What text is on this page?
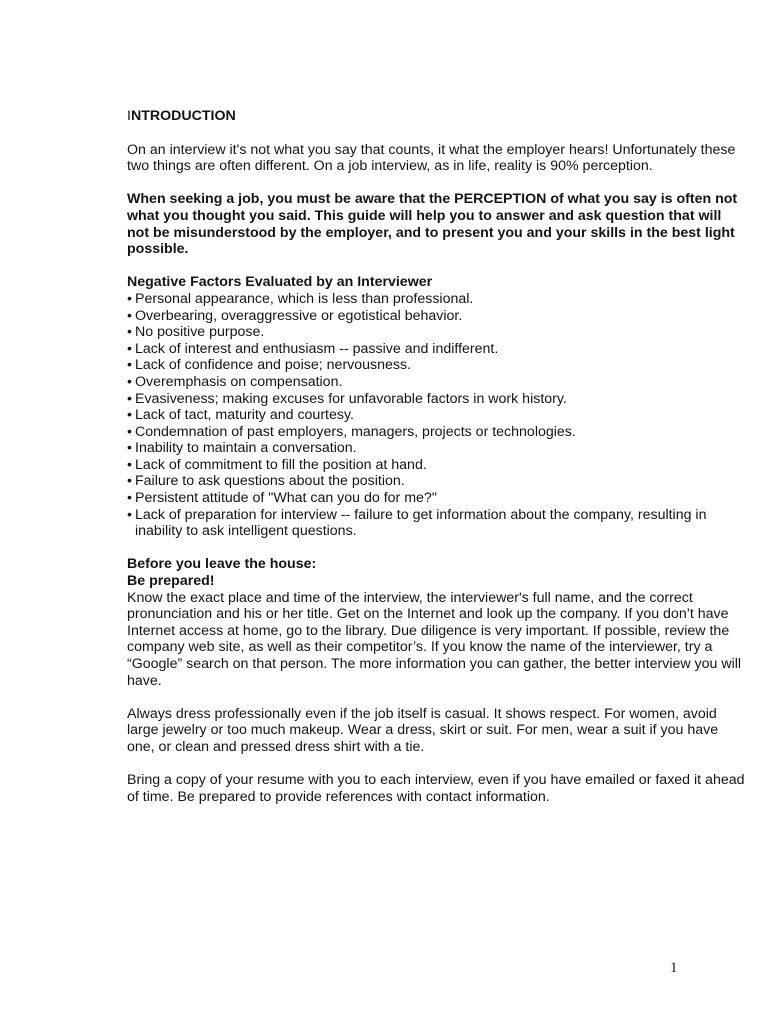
INTRODUCTION

On an interview it's not what you say that counts, it what the employer hears! Unfortunately these two things are often different. On a job interview, as in life, reality is 90% perception.

When seeking a job, you must be aware that the PERCEPTION of what you say is often not what you thought you said. This guide will help you to answer and ask question that will not be misunderstood by the employer, and to present you and your skills in the best light possible.

Negative Factors Evaluated by an Interviewer

• Personal appearance, which is less than professional.
• Overbearing, overaggressive or egotistical behavior.
• No positive purpose.
• Lack of interest and enthusiasm -- passive and indifferent.
• Lack of confidence and poise; nervousness.
• Overemphasis on compensation.
• Evasiveness; making excuses for unfavorable factors in work history.
• Lack of tact, maturity and courtesy.
• Condemnation of past employers, managers, projects or technologies.
• Inability to maintain a conversation.
• Lack of commitment to fill the position at hand.
• Failure to ask questions about the position.
• Persistent attitude of "What can you do for me?"
• Lack of preparation for interview -- failure to get information about the company, resulting in inability to ask intelligent questions.

Before you leave the house:

Be prepared!

Know the exact place and time of the interview, the interviewer's full name, and the correct pronunciation and his or her title. Get on the Internet and look up the company. If you don’t have Internet access at home, go to the library. Due diligence is very important. If possible, review the company web site, as well as their competitor’s. If you know the name of the interviewer, try a “Google” search on that person. The more information you can gather, the better interview you will have.

Always dress professionally even if the job itself is casual. It shows respect. For women, avoid large jewelry or too much makeup. Wear a dress, skirt or suit. For men, wear a suit if you have one, or clean and pressed dress shirt with a tie.

Bring a copy of your resume with you to each interview, even if you have emailed or faxed it ahead of time. Be prepared to provide references with contact information.

1
